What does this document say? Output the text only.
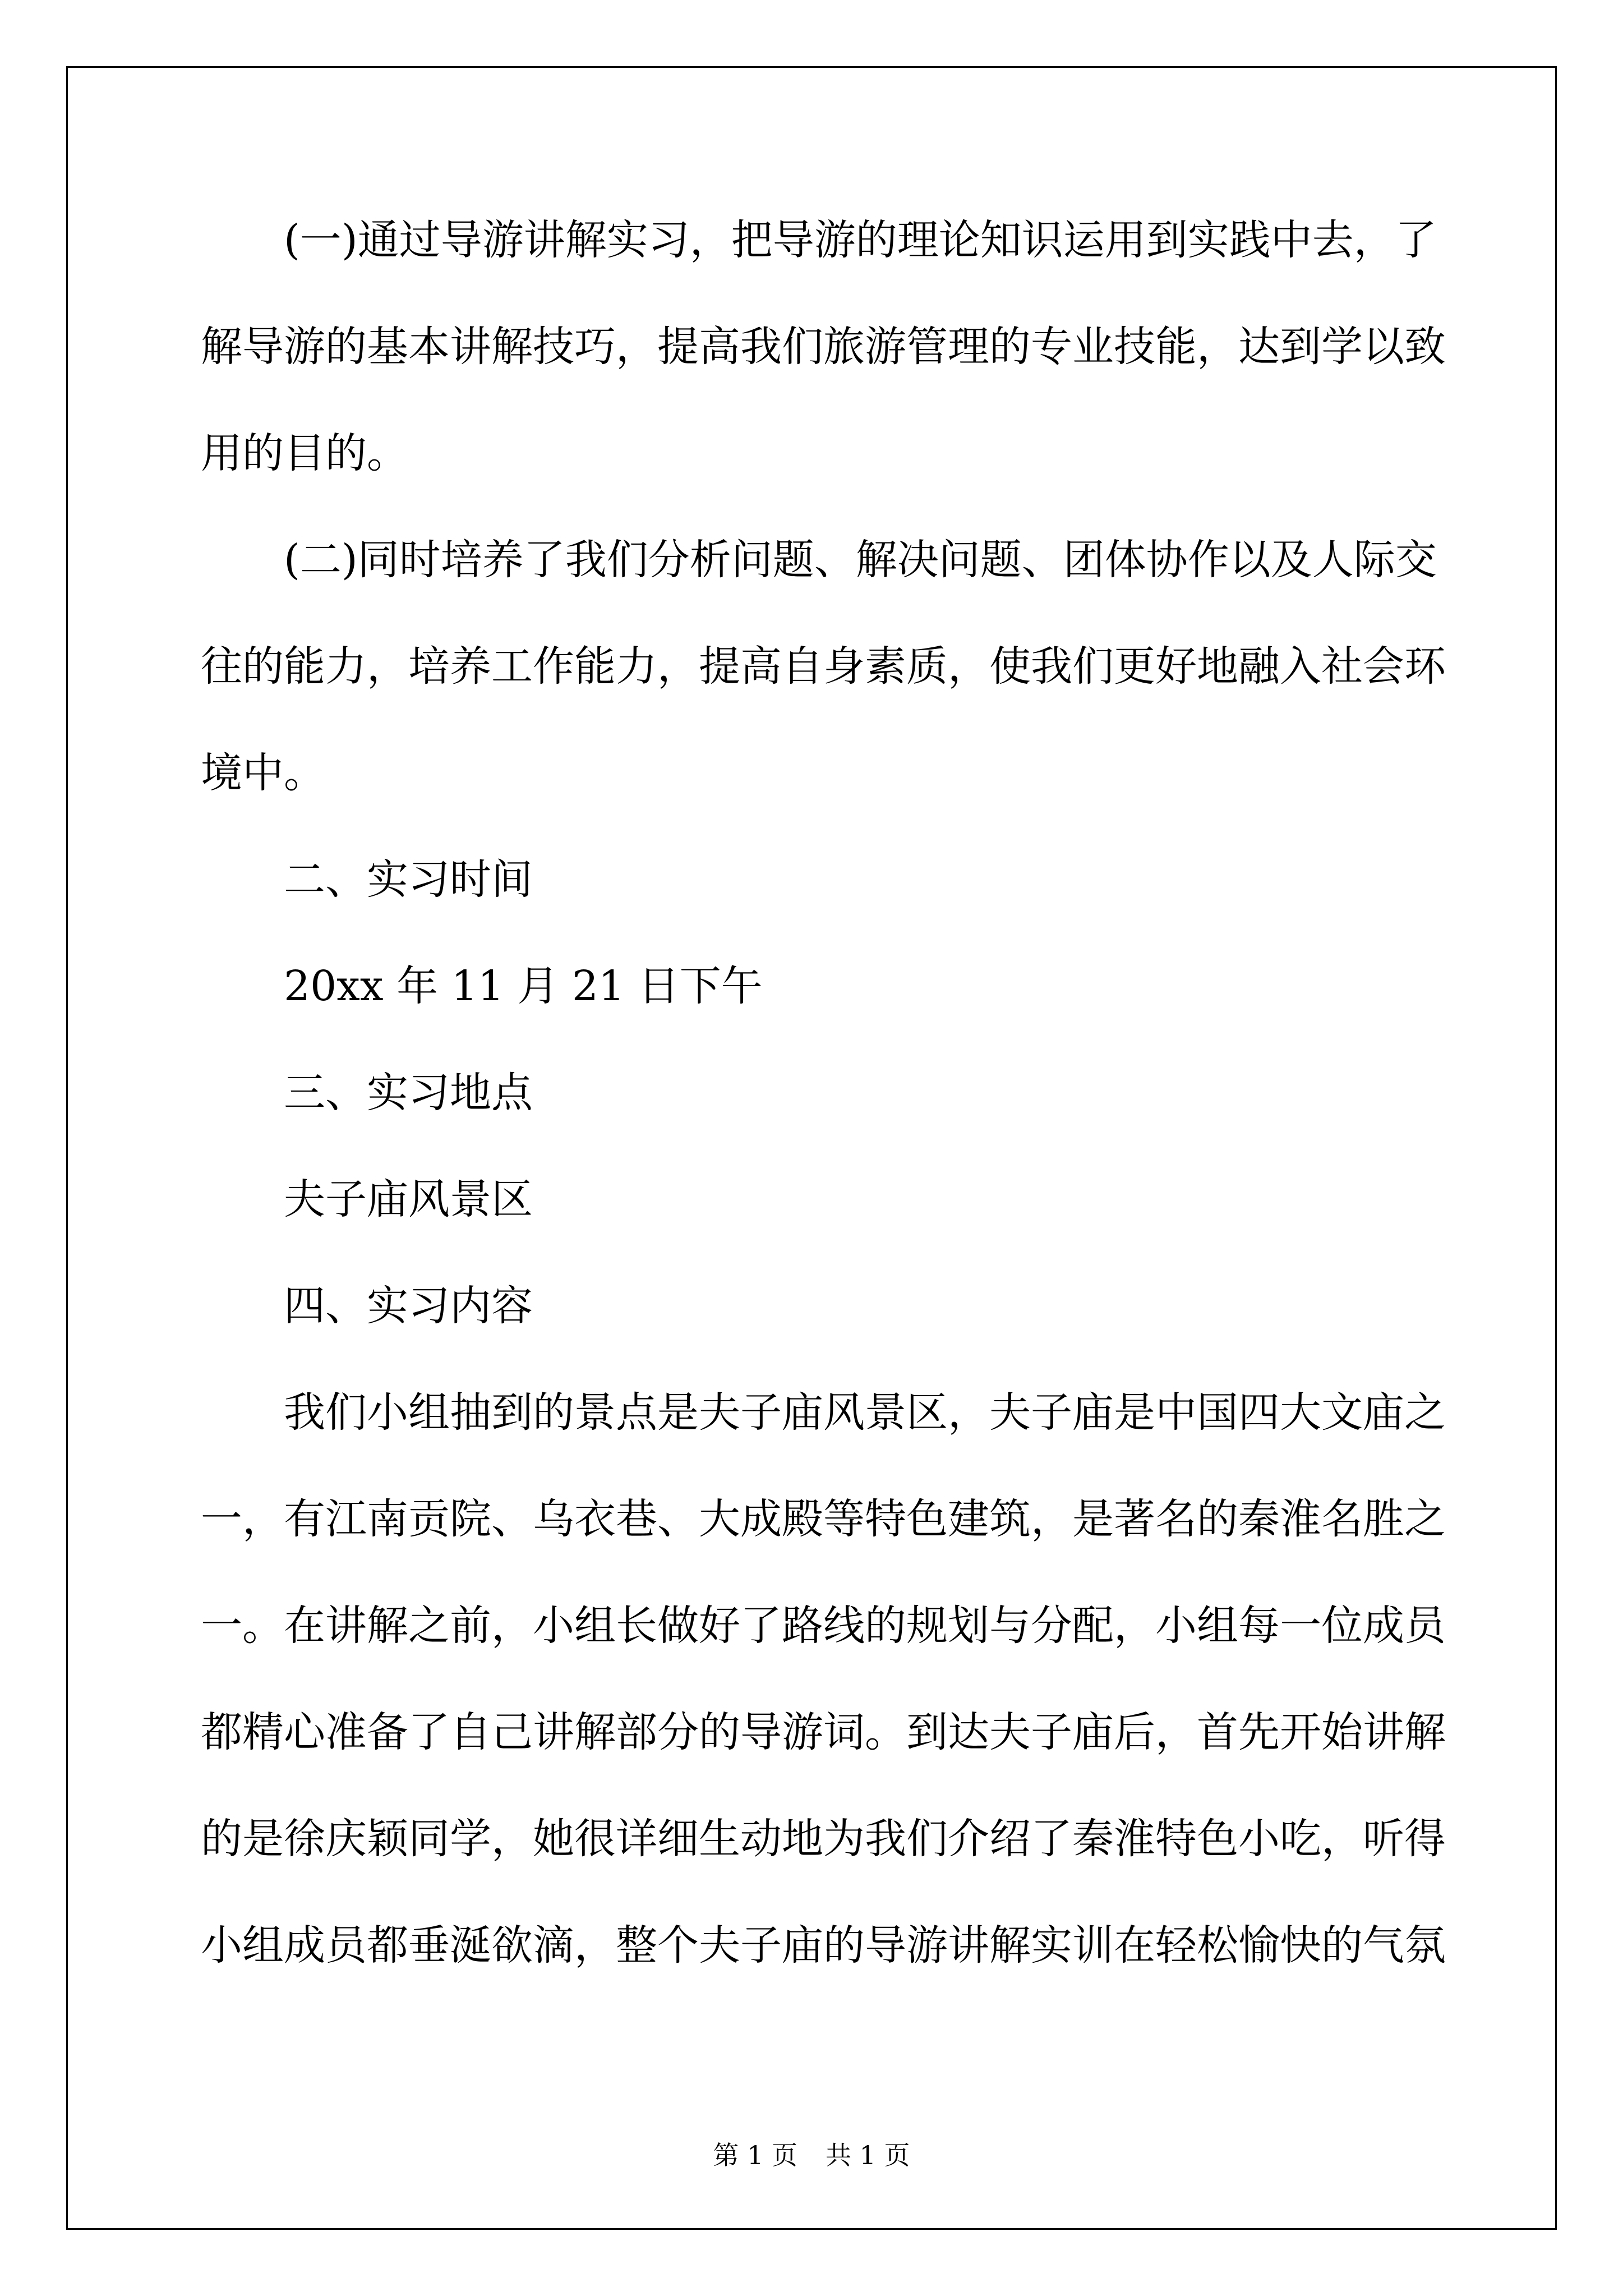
　　(一)通过导游讲解实习，把导游的理论知识运用到实践中去，了
解导游的基本讲解技巧，提高我们旅游管理的专业技能，达到学以致
用的目的。
　　(二)同时培养了我们分析问题、解决问题、团体协作以及人际交
往的能力，培养工作能力，提高自身素质，使我们更好地融入社会环
境中。
　　二、实习时间
　　20xx 年 11 月 21 日下午
　　三、实习地点
　　夫子庙风景区
　　四、实习内容
　　我们小组抽到的景点是夫子庙风景区，夫子庙是中国四大文庙之
一，有江南贡院、乌衣巷、大成殿等特色建筑，是著名的秦淮名胜之
一。在讲解之前，小组长做好了路线的规划与分配，小组每一位成员
都精心准备了自己讲解部分的导游词。到达夫子庙后，首先开始讲解
的是徐庆颖同学，她很详细生动地为我们介绍了秦淮特色小吃，听得
小组成员都垂涎欲滴，整个夫子庙的导游讲解实训在轻松愉快的气氛
第 1 页 共 1 页
